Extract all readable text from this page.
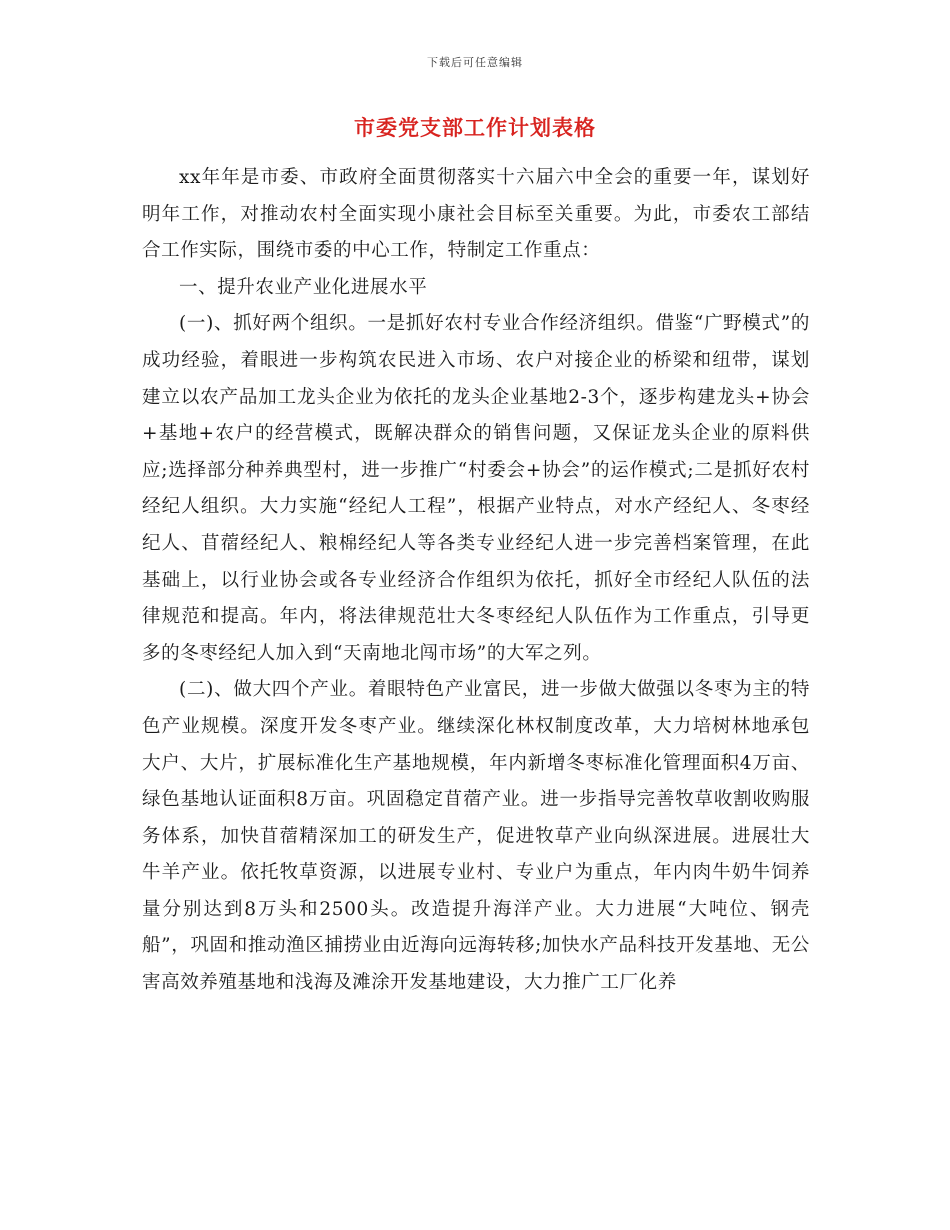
下载后可任意编辑
市委党支部工作计划表格

xx年年是市委、市政府全面贯彻落实十六届六中全会的重要一年，谋划好明年工作，对推动农村全面实现小康社会目标至关重要。为此，市委农工部结合工作实际，围绕市委的中心工作，特制定工作重点：

一、提升农业产业化进展水平

(一)、抓好两个组织。一是抓好农村专业合作经济组织。借鉴“广野模式”的成功经验，着眼进一步构筑农民进入市场、农户对接企业的桥梁和纽带，谋划建立以农产品加工龙头企业为依托的龙头企业基地2-3个，逐步构建龙头+协会+基地+农户的经营模式，既解决群众的销售问题，又保证龙头企业的原料供应;选择部分种养典型村，进一步推广“村委会+协会”的运作模式;二是抓好农村经纪人组织。大力实施“经纪人工程”，根据产业特点，对水产经纪人、冬枣经纪人、苜蓿经纪人、粮棉经纪人等各类专业经纪人进一步完善档案管理，在此基础上，以行业协会或各专业经济合作组织为依托，抓好全市经纪人队伍的法律规范和提高。年内，将法律规范壮大冬枣经纪人队伍作为工作重点，引导更多的冬枣经纪人加入到“天南地北闯市场”的大军之列。

(二)、做大四个产业。着眼特色产业富民，进一步做大做强以冬枣为主的特色产业规模。深度开发冬枣产业。继续深化林权制度改革，大力培树林地承包大户、大片，扩展标准化生产基地规模，年内新增冬枣标准化管理面积4万亩、绿色基地认证面积8万亩。巩固稳定苜蓿产业。进一步指导完善牧草收割收购服务体系，加快苜蓿精深加工的研发生产，促进牧草产业向纵深进展。进展壮大牛羊产业。依托牧草资源，以进展专业村、专业户为重点，年内肉牛奶牛饲养量分别达到8万头和2500头。改造提升海洋产业。大力进展“大吨位、钢壳船”，巩固和推动渔区捕捞业由近海向远海转移;加快水产品科技开发基地、无公害高效养殖基地和浅海及滩涂开发基地建设，大力推广工厂化养
